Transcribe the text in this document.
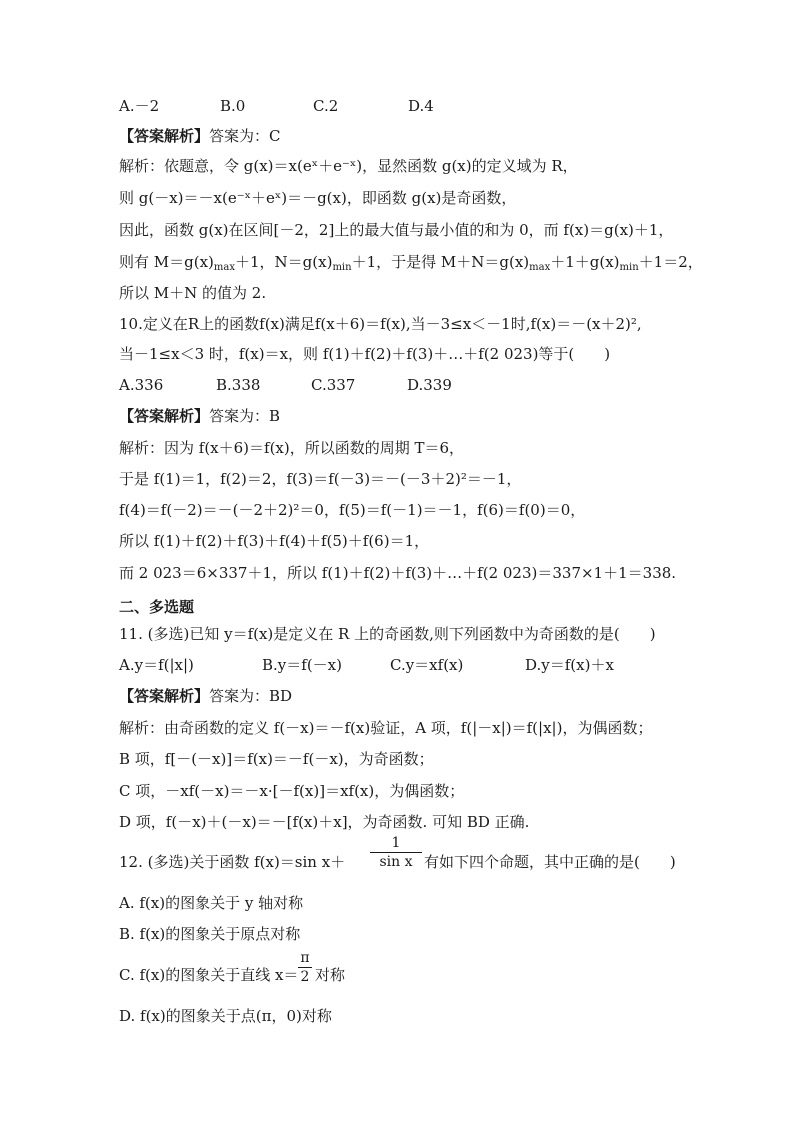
A.－2	B.0	C.2	D.4
【答案解析】答案为：C
解析：依题意，令 g(x)＝x(eˣ＋e⁻ˣ)，显然函数 g(x)的定义域为 R，
则 g(－x)＝－x(e⁻ˣ＋eˣ)＝－g(x)，即函数 g(x)是奇函数，
因此，函数 g(x)在区间[－2，2]上的最大值与最小值的和为 0，而 f(x)＝g(x)＋1，
则有 $M=g(x)_{max}+1$，$N=g(x)_{min}+1$，于是得 $M+N=g(x)_{max}+1+g(x)_{min}+1=2$，
所以 M＋N 的值为 2.
10.定义在R上的函数f(x)满足f(x＋6)＝f(x),当－3≤x＜－1时,f(x)＝－(x＋2)²,
当－1≤x＜3 时，f(x)＝x，则 f(1)＋f(2)＋f(3)＋…＋f(2 023)等于(　　)
A.336	B.338	C.337	D.339
【答案解析】答案为：B
解析：因为 f(x＋6)＝f(x)，所以函数的周期 T＝6，
于是 f(1)＝1，f(2)＝2，f(3)＝f(－3)＝－(－3＋2)²＝－1，
f(4)＝f(－2)＝－(－2＋2)²＝0，f(5)＝f(－1)＝－1，f(6)＝f(0)＝0，
所以 f(1)＋f(2)＋f(3)＋f(4)＋f(5)＋f(6)＝1，
而 2 023＝6×337＋1，所以 f(1)＋f(2)＋f(3)＋…＋f(2 023)＝337×1＋1＝338.
二、多选题
11. (多选)已知 y＝f(x)是定义在 R 上的奇函数,则下列函数中为奇函数的是(　　)
A.y＝f(|x|)	B.y＝f(－x)	C.y＝xf(x)	D.y＝f(x)＋x
【答案解析】答案为：BD
解析：由奇函数的定义 f(－x)＝－f(x)验证，A 项，f(|－x|)＝f(|x|)，为偶函数；
B 项，f[－(－x)]＝f(x)＝－f(－x)，为奇函数；
C 项，－xf(－x)＝－x·[－f(x)]＝xf(x)，为偶函数；
D 项，f(－x)＋(－x)＝－[f(x)＋x]，为奇函数. 可知 BD 正确.
12. (多选)关于函数 f(x)＝sin x＋
1
sin x 有如下四个命题，其中正确的是(　　)
A. f(x)的图象关于 y 轴对称
B. f(x)的图象关于原点对称
C. f(x)的图象关于直线 x＝
π
2 对称
D. f(x)的图象关于点(π，0)对称
